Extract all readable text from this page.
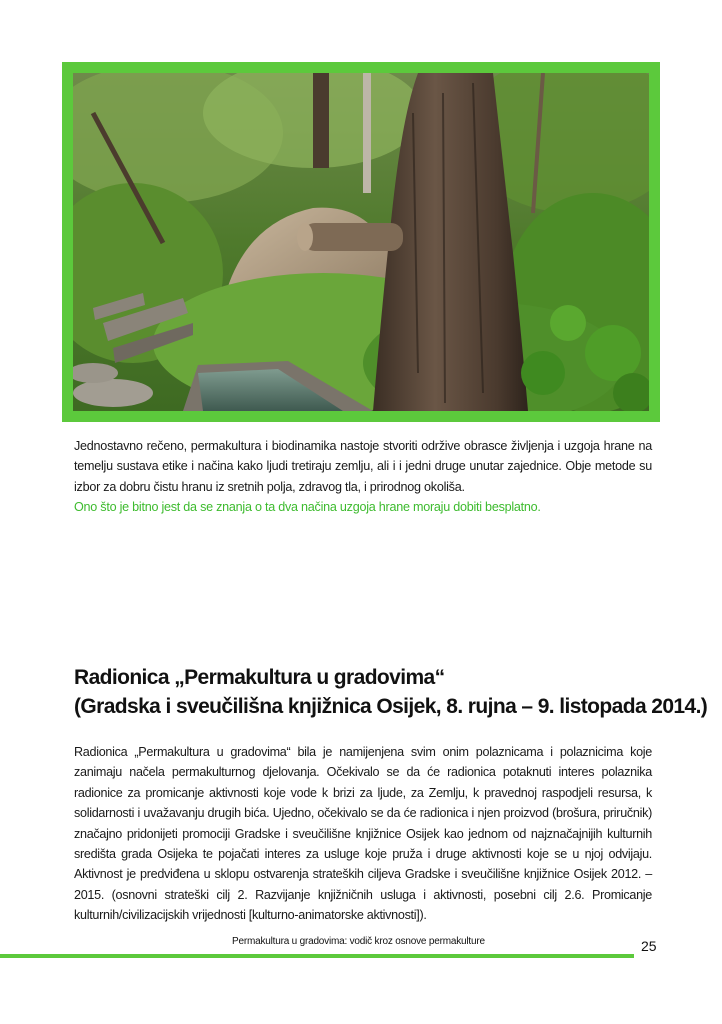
Jednostavno rečeno, permakultura i biodinamika nastoje stvoriti održive obrasce življenja i uzgoja hrane na temelju sustava etike i načina kako ljudi tretiraju zemlju, ali i i jedni druge unutar zajednice. Obje metode su izbor za dobru čistu hranu iz sretnih polja, zdravog tla, i prirodnog okoliša.

Ono što je bitno jest da se znanja o ta dva načina uzgoja hrane moraju dobiti besplatno.

Radionica „Permakultura u gradovima“
(Gradska i sveučilišna knjižnica Osijek, 8. rujna – 9. listopada 2014.)

Radionica „Permakultura u gradovima“ bila je namijenjena svim onim polaznicama i polaznicima koje zanimaju načela permakulturnog djelovanja. Očekivalo se da će radionica potaknuti interes polaznika radionice za promicanje aktivnosti koje vode k brizi za ljude, za Zemlju, k pravednoj raspodjeli resursa, k solidarnosti i uvažavanju drugih bića. Ujedno, očekivalo se da će radionica i njen proizvod (brošura, priručnik) značajno pridonijeti promociji Gradske i sveučilišne knjižnice Osijek kao jednom od najznačajnijih kulturnih središta grada Osijeka te pojačati interes za usluge koje pruža i druge aktivnosti koje se u njoj odvijaju. Aktivnost je predviđena u sklopu ostvarenja strateških ciljeva Gradske i sveučilišne knjižnice Osijek 2012. – 2015. (osnovni strateški cilj 2. Razvijanje knjižničnih usluga i aktivnosti, posebni cilj 2.6. Promicanje kulturnih/civilizacijskih vrijednosti [kulturno-animatorske aktivnosti]).

Permakultura u gradovima: vodič kroz osnove permakulture	25
